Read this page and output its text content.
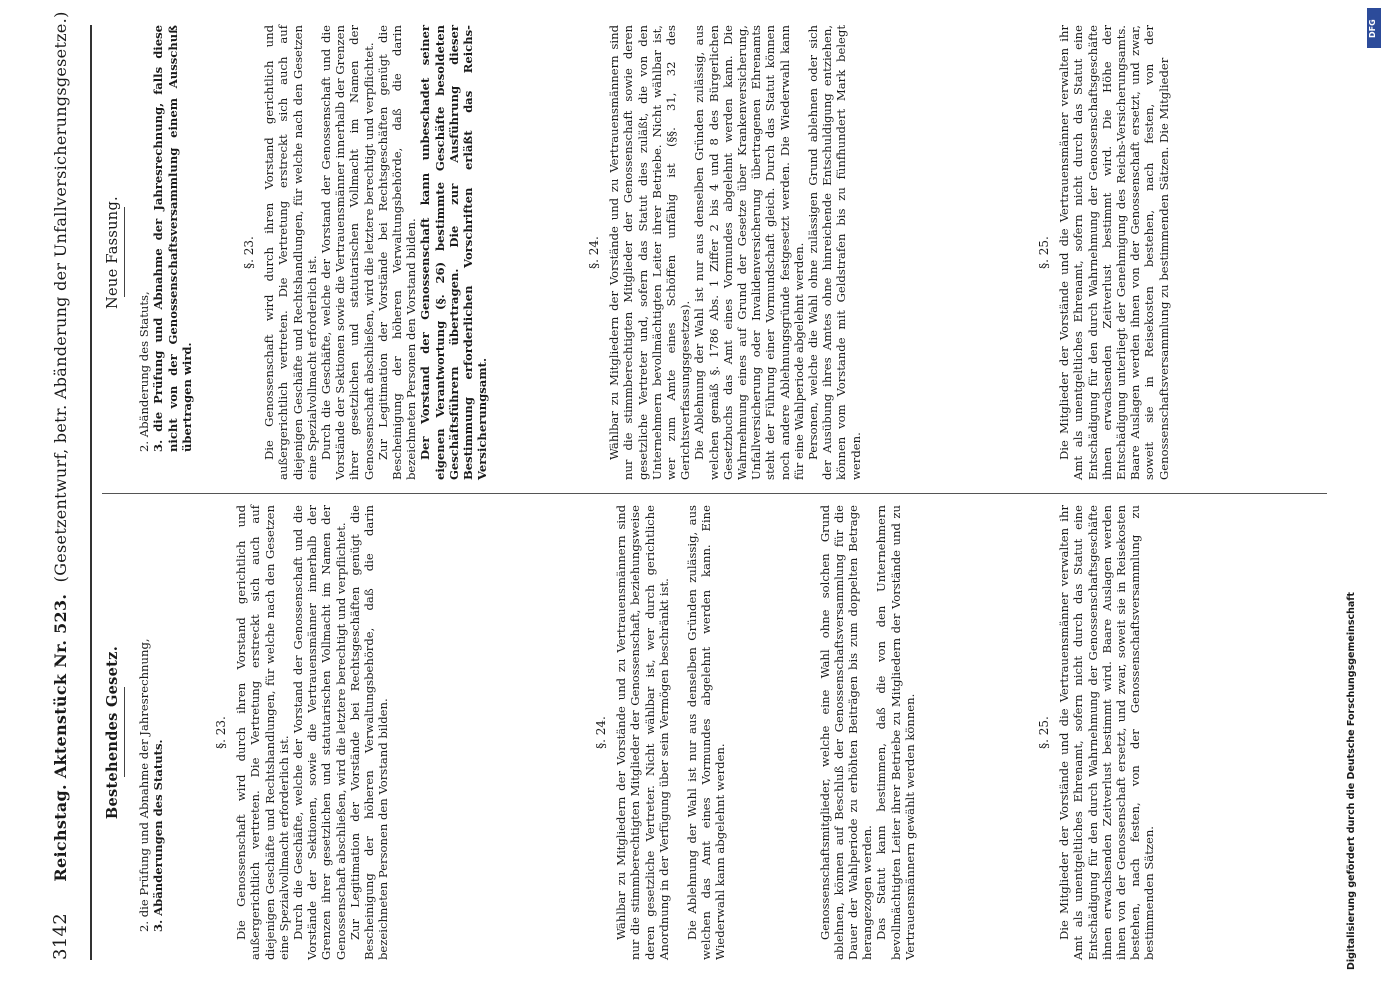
3142 Reichstag. Aktenstück Nr. 523. (Gesetzentwurf, betr. Abänderung der Unfallversicherungsgesetze.)
Bestehendes Gesetz. 2. die Prüfung und Abnahme der Jahresrechnung, 3. Abänderungen des Statuts.
§. 23. Die Genossenschaft wird durch ihren Vorstand gerichtlich und außergerichtlich vertreten. Die Vertretung erstreckt sich auch auf diejenigen Geschäfte und Rechtshandlungen, für welche nach den Gesetzen eine Spezialvollmacht erforderlich ist. Durch die Geschäfte, welche der Vorstand der Genossenschaft und die Vorstände der Sektionen, sowie die Vertrauensmänner innerhalb der Grenzen ihrer gesetzlichen und statutarischen Vollmacht im Namen der Genossenschaft abschließen, wird die letztere berechtigt und verpflichtet. Zur Legitimation der Vorstände bei Rechtsgeschäften genügt die Bescheinigung der höheren Verwaltungsbehörde, daß die darin bezeichneten Personen den Vorstand bilden.	§. 24. Wählbar zu Mitgliedern der Vorstände und zu Vertrauensmännern sind nur die stimmberechtigten Mitglieder der Genossenschaft, beziehungsweise deren gesetzliche Vertreter. Nicht wählbar ist, wer durch gerichtliche Anordnung in der Verfügung über sein Vermögen beschränkt ist. Die Ablehnung der Wahl ist nur aus denselben Gründen zulässig, aus welchen das Amt eines Vormundes abgelehnt werden kann. Eine Wiederwahl kann abgelehnt werden.	Genossenschaftsmitglieder, welche eine Wahl ohne solchen Grund ablehnen, können auf Beschluß der Genossenschaftsversammlung für die Dauer der Wahlperiode zu erhöhten Beiträgen bis zum doppelten Betrage herangezogen werden. Das Statut kann bestimmen, daß die von den Unternehmern bevollmächtigten Leiter ihrer Betriebe zu Mitgliedern der Vorstände und zu Vertrauensmännern gewählt werden können.	§. 25. Die Mitglieder der Vorstände und die Vertrauensmänner verwalten ihr Amt als unentgeltliches Ehrenamt, sofern nicht durch das Statut eine Entschädigung für den durch Wahrnehmung der Genossenschaftsgeschäfte ihnen erwachsenden Zeitverlust bestimmt wird. Baare Auslagen werden ihnen von der Genossenschaft ersetzt, und zwar, soweit sie in Reisekosten bestehen, nach festen, von der Genossenschaftsversammlung zu bestimmenden Sätzen.

Neue Fassung.
2. Abänderung des Statuts, 3. die Prüfung und Abnahme der Jahresrechnung, falls diese nicht von der Genossenschaftsversammlung einem Ausschuß übertragen wird.
§. 23. Die Genossenschaft wird durch ihren Vorstand gerichtlich und außergerichtlich vertreten. Die Vertretung erstreckt sich auch auf diejenigen Geschäfte und Rechtshandlungen, für welche nach den Gesetzen eine Spezialvollmacht erforderlich ist. Durch die Geschäfte, welche der Vorstand der Genossenschaft und die Vorstände der Sektionen sowie die Vertrauensmänner innerhalb der Grenzen ihrer gesetzlichen und statutarischen Vollmacht im Namen der Genossenschaft abschließen, wird die letztere berechtigt und verpflichtet. Zur Legitimation der Vorstände bei Rechtsgeschäften genügt die Bescheinigung der höheren Verwaltungsbehörde, daß die darin bezeichneten Personen den Vorstand bilden. Der Vorstand der Genossenschaft kann unbeschadet seiner eigenen Verantwortung (§. 26) bestimmte Geschäfte besoldeten Geschäftsführern übertragen. Die zur Ausführung dieser Bestimmung erforderlichen Vorschriften erläßt das Reichs-Versicherungsamt.

§. 24. Wählbar zu Mitgliedern der Vorstände und zu Vertrauensmännern sind nur die stimmberechtigten Mitglieder der Genossenschaft sowie deren gesetzliche Vertreter und, sofern das Statut dies zuläßt, die von den Unternehmern bevollmächtigten Leiter ihrer Betriebe. Nicht wählbar ist, wer zum Amte eines Schöffen unfähig ist (§§. 31, 32 des Gerichtsverfassungsgesetzes). Die Ablehnung der Wahl ist nur aus denselben Gründen zulässig, aus welchen gemäß §. 1786 Abs. 1 Ziffer 2 bis 4 und 8 des Bürgerlichen Gesetzbuchs das Amt eines Vormundes abgelehnt werden kann. Die Wahrnehmung eines auf Grund der Gesetze über Krankenversicherung, Unfallversicherung oder Invalidenversicherung übertragenen Ehrenamts steht der Führung einer Vormundschaft gleich. Durch das Statut können noch andere Ablehnungsgründe festgesetzt werden. Die Wiederwahl kann für eine Wahlperiode abgelehnt werden. Personen, welche die Wahl ohne zulässigen Grund ablehnen oder sich der Ausübung ihres Amtes ohne hinreichende Entschuldigung entziehen, können vom Vorstande mit Geldstrafen bis zu fünfhundert Mark belegt werden.

§. 25. Die Mitglieder der Vorstände und die Vertrauensmänner verwalten ihr Amt als unentgeltliches Ehrenamt, sofern nicht durch das Statut eine Entschädigung für den durch Wahrnehmung der Genossenschaftsgeschäfte ihnen erwachsenden Zeitverlust bestimmt wird. Die Höhe der Entschädigung unterliegt der Genehmigung des Reichs-Versicherungsamts. Baare Auslagen werden ihnen von der Genossenschaft ersetzt, und zwar, soweit sie in Reisekosten bestehen, nach festen, von der Genossenschaftsversammlung zu bestimmenden Sätzen. Die Mitglieder

Digitalisierung gefördert durch die Deutsche Forschungsgemeinschaft
DFG
